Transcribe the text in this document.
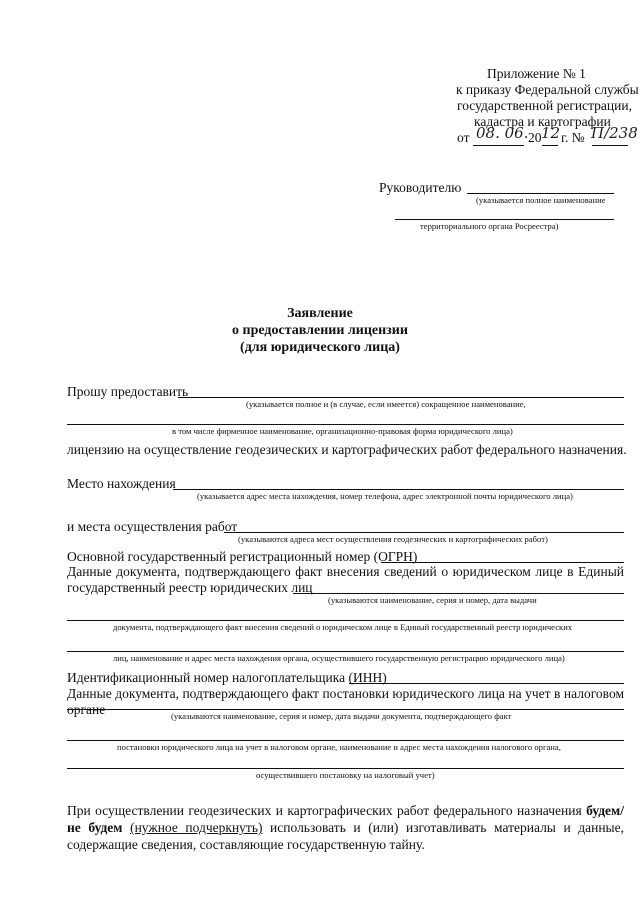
Приложение № 1
к приказу Федеральной службы
государственной регистрации,
кадастра и картографии
от 08. 06. 20 12 г. № П/238
Руководителю
(указывается полное наименование
территориального органа Росреестра)
Заявление
о предоставлении лицензии
(для юридического лица)
Прошу предоставить
(указывается полное и (в случае, если имеется) сокращенное наименование,
в том числе фирменное наименование, организационно-правовая форма юридического лица)
лицензию на осуществление геодезических и картографических работ федерального назначения.
Место нахождения
(указывается адрес места нахождения, номер телефона, адрес электронной почты юридического лица)
и места осуществления работ
(указываются адреса мест осуществления геодезических и картографических работ)
Основной государственный регистрационный номер (ОГРН)
Данные документа, подтверждающего факт внесения сведений о юридическом лице в Единый
государственный реестр юридических лиц
(указываются наименование, серия и номер, дата выдачи
документа, подтверждающего факт внесения сведений о юридическом лице в Единый государственный реестр юридических
лиц, наименование и адрес места нахождения органа, осуществившего государственную регистрацию юридического лица)
Идентификационный номер налогоплательщика (ИНН)
Данные документа, подтверждающего факт постановки юридического лица на учет в налоговом органе	(указываются наименование, серия и номер, дата выдачи документа, подтверждающего факт
постановки юридического лица на учет в налоговом органе, наименование и адрес места нахождения налогового органа,
осуществившего постановку на налоговый учет)
При осуществлении геодезических и картографических работ федерального назначения будем/не будем (нужное подчеркнуть) использовать и (или) изготавливать материалы и данные, содержащие сведения, составляющие государственную тайну.
